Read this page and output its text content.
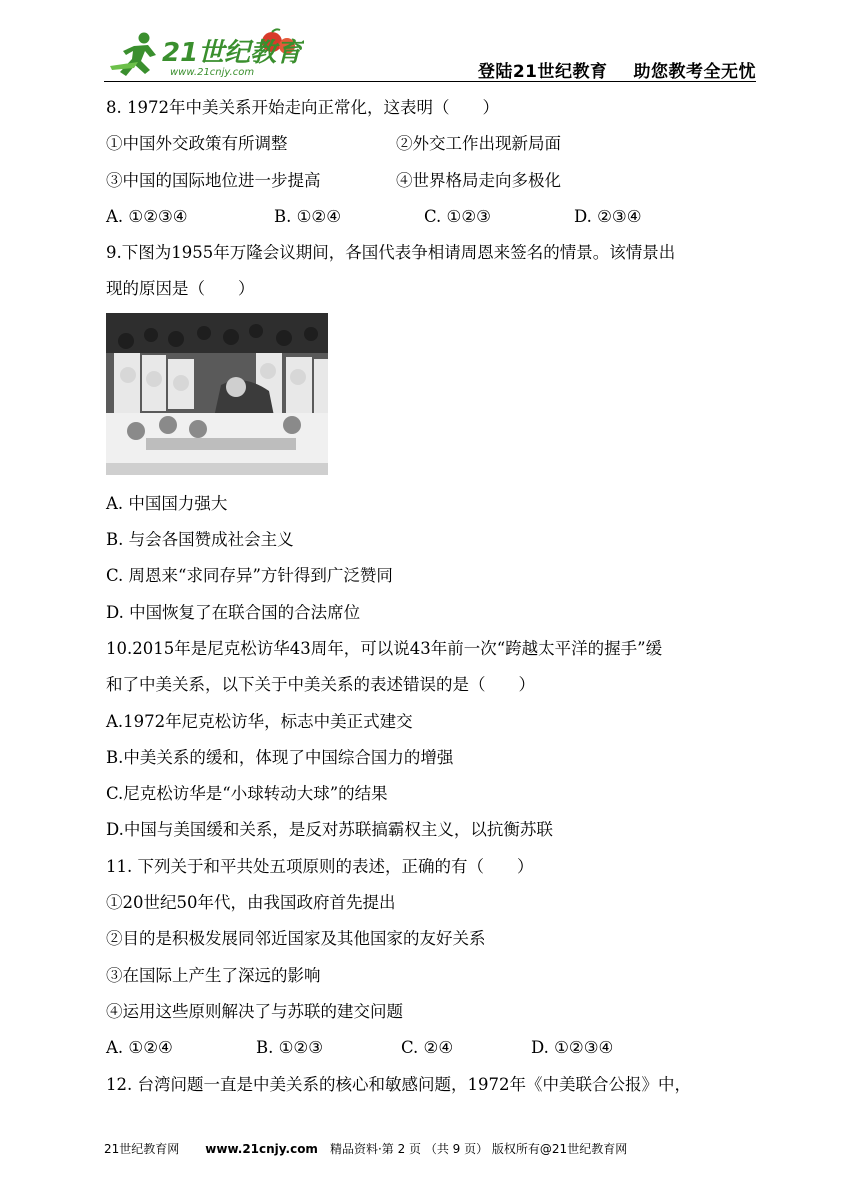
21世纪教育
www.21cnjy.com	登陆21世纪教育 助您教考全无忧
8. 1972年中美关系开始走向正常化，这表明（　　）
①中国外交政策有所调整	②外交工作出现新局面
③中国的国际地位进一步提高	④世界格局走向多极化
A. ①②③④	B. ①②④	C. ①②③	D. ②③④
9.下图为1955年万隆会议期间，各国代表争相请周恩来签名的情景。该情景出
现的原因是（　　）
A. 中国国力强大
B. 与会各国赞成社会主义
C. 周恩来“求同存异”方针得到广泛赞同
D. 中国恢复了在联合国的合法席位
10.2015年是尼克松访华43周年，可以说43年前一次“跨越太平洋的握手”缓
和了中美关系，以下关于中美关系的表述错误的是（　　）
A.1972年尼克松访华，标志中美正式建交
B.中美关系的缓和，体现了中国综合国力的增强
C.尼克松访华是“小球转动大球”的结果
D.中国与美国缓和关系，是反对苏联搞霸权主义，以抗衡苏联
11. 下列关于和平共处五项原则的表述，正确的有（　　）
①20世纪50年代，由我国政府首先提出
②目的是积极发展同邻近国家及其他国家的友好关系
③在国际上产生了深远的影响
④运用这些原则解决了与苏联的建交问题
A. ①②④	B. ①②③	C. ②④	D. ①②③④
12. 台湾问题一直是中美关系的核心和敏感问题，1972年《中美联合公报》中，
21世纪教育网 www.21cnjy.com 精品资料·第 2 页 （共 9 页） 版权所有@21世纪教育网
